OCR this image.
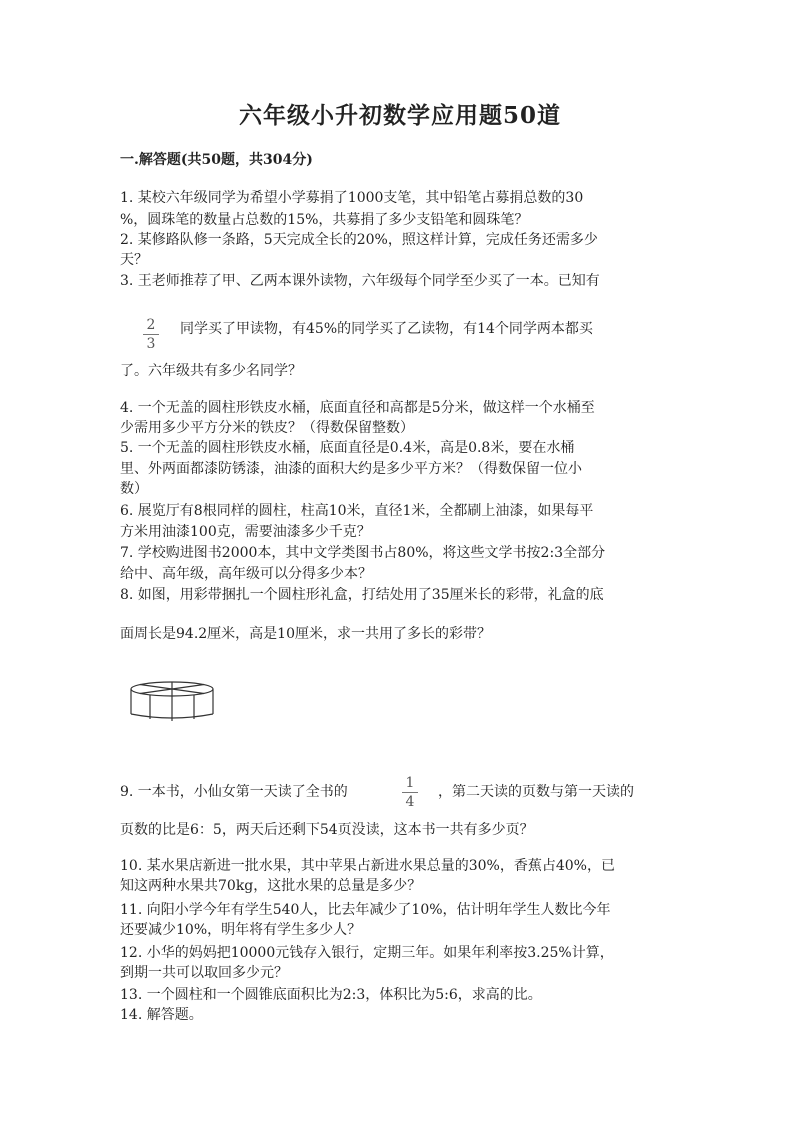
六年级小升初数学应用题50道
一.解答题(共50题，共304分)
1. 某校六年级同学为希望小学募捐了1000支笔，其中铅笔占募捐总数的30
%，圆珠笔的数量占总数的15%，共募捐了多少支铅笔和圆珠笔？
2. 某修路队修一条路，5天完成全长的20%，照这样计算，完成任务还需多少
天？
3. 王老师推荐了甲、乙两本课外读物，六年级每个同学至少买了一本。已知有
$\frac{2}{3}$ 同学买了甲读物，有45%的同学买了乙读物，有14个同学两本都买
了。六年级共有多少名同学？
4. 一个无盖的圆柱形铁皮水桶，底面直径和高都是5分米，做这样一个水桶至
少需用多少平方分米的铁皮？（得数保留整数）
5. 一个无盖的圆柱形铁皮水桶，底面直径是0.4米，高是0.8米，要在水桶
里、外两面都漆防锈漆，油漆的面积大约是多少平方米？（得数保留一位小
数）
6. 展览厅有8根同样的圆柱，柱高10米，直径1米，全都刷上油漆，如果每平
方米用油漆100克，需要油漆多少千克？
7. 学校购进图书2000本，其中文学类图书占80%，将这些文学书按2:3全部分
给中、高年级，高年级可以分得多少本？
8. 如图，用彩带捆扎一个圆柱形礼盒，打结处用了35厘米长的彩带，礼盒的底
面周长是94.2厘米，高是10厘米，求一共用了多长的彩带？
9. 一本书，小仙女第一天读了全书的	$\frac{1}{4}$ ，第二天读的页数与第一天读的
页数的比是6：5，两天后还剩下54页没读，这本书一共有多少页？
10. 某水果店新进一批水果，其中苹果占新进水果总量的30%，香蕉占40%，已
知这两种水果共70kg，这批水果的总量是多少？
11. 向阳小学今年有学生540人，比去年减少了10%，估计明年学生人数比今年
还要减少10%，明年将有学生多少人？
12. 小华的妈妈把10000元钱存入银行，定期三年。如果年利率按3.25%计算，
到期一共可以取回多少元？
13. 一个圆柱和一个圆锥底面积比为2:3，体积比为5:6，求高的比。
14. 解答题。
